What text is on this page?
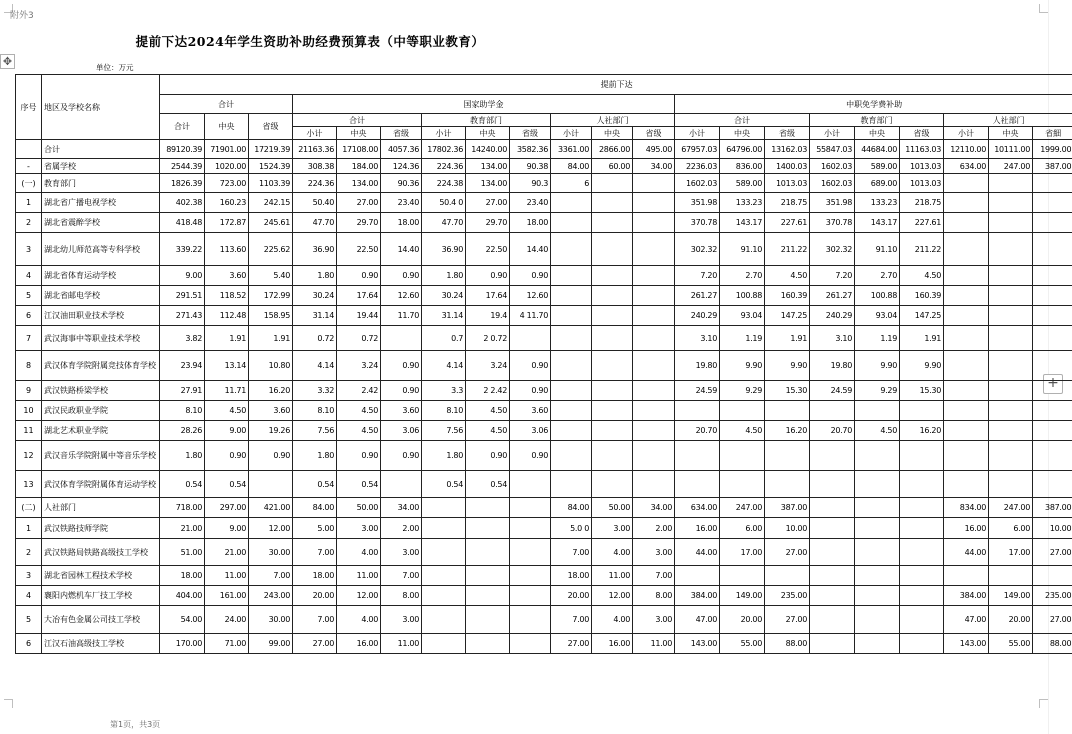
附外3
✥
+
提前下达2024年学生资助补助经费预算表（中等职业教育）
单位：万元
序号	地区及学校名称	提前下达																				
		合计			国家助学金									中职免学费补助								
		合计	中央	省级	合计			教育部门			人社部门			合计			教育部门			人社部门		
					小计	中央	省级	小计	中央	省级	小计	中央	省级	小计	中央	省级	小计	中央	省级	小计	中央	省細
	合计	89120.39	71901.00	17219.39	21163.36	17108.00	4057.36	17802.36	14240.00	3582.36	3361.00	2866.00	495.00	67957.03	64796.00	13162.03	55847.03	44684.00	11163.03	12110.00	10111.00	1999.00
-	省属学校	2544.39	1020.00	1524.39	308.38	184.00	124.36	224.36	134.00	90.38	84.00	60.00	34.00	2236.03	836.00	1400.03	1602.03	589.00	1013.03	634.00	247.00	387.00
(一)	教育部门	1826.39	723.00	1103.39	224.36	134.00	90.36	224.38	134.00	90.3	6			1602.03	589.00	1013.03	1602.03	689.00	1013.03			
1	湖北省广播电视学校	402.38	160.23	242.15	50.40	27.00	23.40	50.4 0	27.00	23.40				351.98	133.23	218.75	351.98	133.23	218.75			
2	湖北省震醉学校	418.48	172.87	245.61	47.70	29.70	18.00	47.70	29.70	18.00				370.78	143.17	227.61	370.78	143.17	227.61			
3	湖北幼儿师范高等专科学校	339.22	113.60	225.62	36.90	22.50	14.40	36.90	22.50	14.40				302.32	91.10	211.22	302.32	91.10	211.22			
4	湖北省体育运动学校	9.00	3.60	5.40	1.80	0.90	0.90	1.80	0.90	0.90				7.20	2.70	4.50	7.20	2.70	4.50			
5	湖北省邮电学校	291.51	118.52	172.99	30.24	17.64	12.60	30.24	17.64	12.60				261.27	100.88	160.39	261.27	100.88	160.39			
6	江汉油田职业技术学校	271.43	112.48	158.95	31.14	19.44	11.70	31.14	19.4	4 11.70				240.29	93.04	147.25	240.29	93.04	147.25			
7	武汉海事中等职业技术学校	3.82	1.91	1.91	0.72	0.72		0.7	2 0.72					3.10	1.19	1.91	3.10	1.19	1.91			
8	武汉体育学院附属竞技体育学校	23.94	13.14	10.80	4.14	3.24	0.90	4.14	3.24	0.90				19.80	9.90	9.90	19.80	9.90	9.90			
9	武汉铁路桥梁学校	27.91	11.71	16.20	3.32	2.42	0.90	3.3	2 2.42	0.90				24.59	9.29	15.30	24.59	9.29	15.30			
10	武汉民政职业学院	8.10	4.50	3.60	8.10	4.50	3.60	8.10	4.50	3.60												
11	湖北艺术职业学院	28.26	9.00	19.26	7.56	4.50	3.06	7.56	4.50	3.06				20.70	4.50	16.20	20.70	4.50	16.20			
12	武汉音乐学院附属中等音乐学校	1.80	0.90	0.90	1.80	0.90	0.90	1.80	0.90	0.90												
13	武汉体育学院附属体育运动学校	0.54	0.54		0.54	0.54		0.54	0.54													
(二)	人社部门	718.00	297.00	421.00	84.00	50.00	34.00				84.00	50.00	34.00	634.00	247.00	387.00				834.00	247.00	387.00
1	武汉铁路技师学院	21.00	9.00	12.00	5.00	3.00	2.00				5.0 0	3.00	2.00	16.00	6.00	10.00				16.00	6.00	10.00
2	武汉铁路局铁路高级技工学校	51.00	21.00	30.00	7.00	4.00	3.00				7.00	4.00	3.00	44.00	17.00	27.00				44.00	17.00	27.00
3	湖北省园林工程技术学校	18.00	11.00	7.00	18.00	11.00	7.00				18.00	11.00	7.00									
4	襄阳内燃机车厂技工学校	404.00	161.00	243.00	20.00	12.00	8.00				20.00	12.00	8.00	384.00	149.00	235.00				384.00	149.00	235.00
5	大冶有色金属公司技工学校	54.00	24.00	30.00	7.00	4.00	3.00				7.00	4.00	3.00	47.00	20.00	27.00				47.00	20.00	27.00
6	江汉石油高级技工学校	170.00	71.00	99.00	27.00	16.00	11.00				27.00	16.00	11.00	143.00	55.00	88.00				143.00	55.00	88.00
第1页，共3页
